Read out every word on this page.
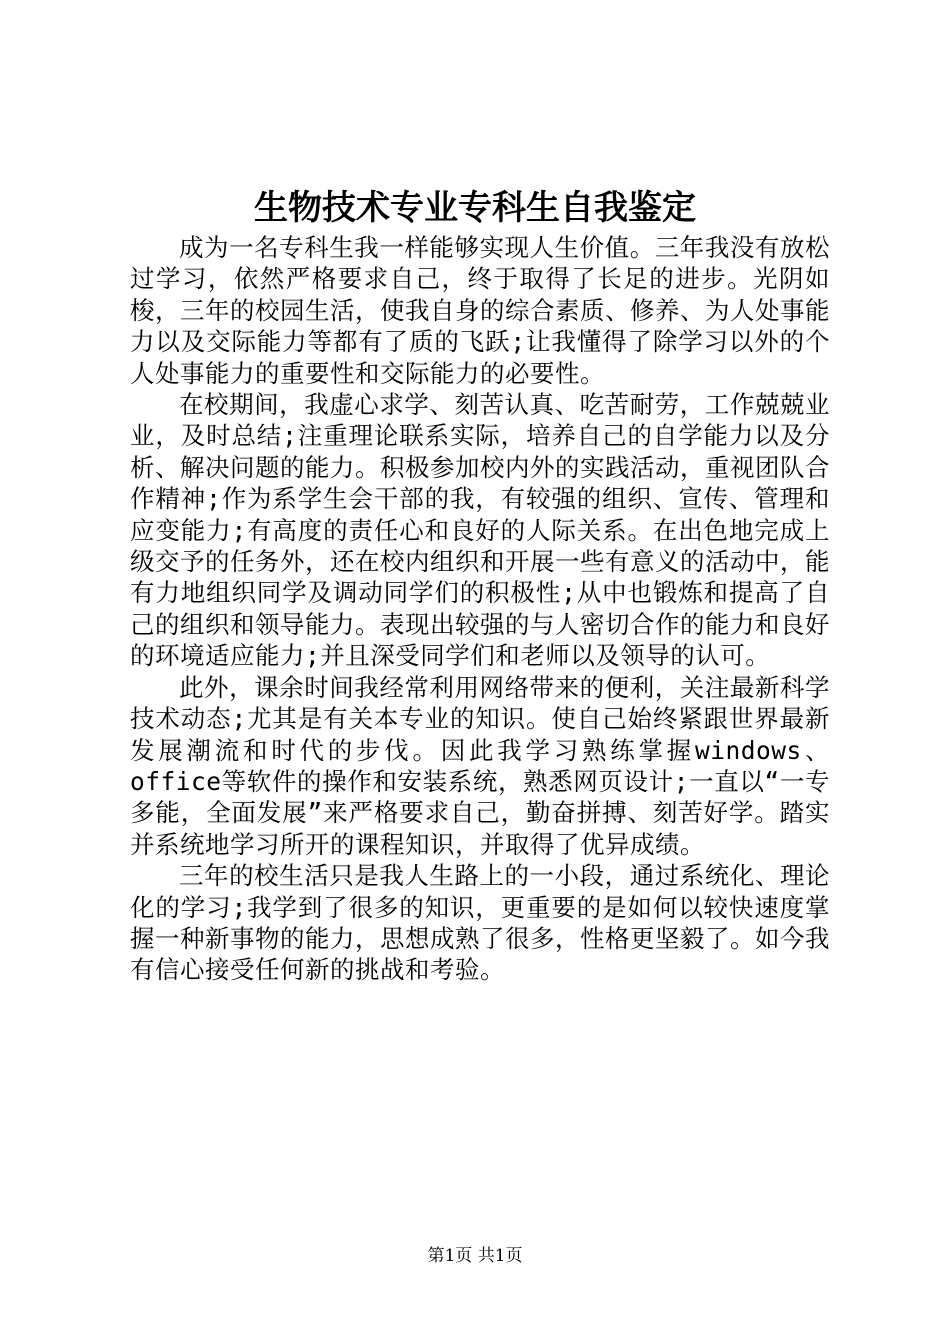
生物技术专业专科生自我鉴定

成为一名专科生我一样能够实现人生价值。三年我没有放松过学习，依然严格要求自己，终于取得了长足的进步。光阴如梭，三年的校园生活，使我自身的综合素质、修养、为人处事能力以及交际能力等都有了质的飞跃;让我懂得了除学习以外的个人处事能力的重要性和交际能力的必要性。

在校期间，我虚心求学、刻苦认真、吃苦耐劳，工作兢兢业业，及时总结;注重理论联系实际，培养自己的自学能力以及分析、解决问题的能力。积极参加校内外的实践活动，重视团队合作精神;作为系学生会干部的我，有较强的组织、宣传、管理和应变能力;有高度的责任心和良好的人际关系。在出色地完成上级交予的任务外，还在校内组织和开展一些有意义的活动中，能有力地组织同学及调动同学们的积极性;从中也锻炼和提高了自己的组织和领导能力。表现出较强的与人密切合作的能力和良好的环境适应能力;并且深受同学们和老师以及领导的认可。

此外，课余时间我经常利用网络带来的便利，关注最新科学技术动态;尤其是有关本专业的知识。使自己始终紧跟世界最新发展潮流和时代的步伐。因此我学习熟练掌握windows、office等软件的操作和安装系统，熟悉网页设计;一直以“一专多能，全面发展”来严格要求自己，勤奋拼搏、刻苦好学。踏实并系统地学习所开的课程知识，并取得了优异成绩。

三年的校生活只是我人生路上的一小段，通过系统化、理论化的学习;我学到了很多的知识，更重要的是如何以较快速度掌握一种新事物的能力，思想成熟了很多，性格更坚毅了。如今我有信心接受任何新的挑战和考验。

第1页 共1页
